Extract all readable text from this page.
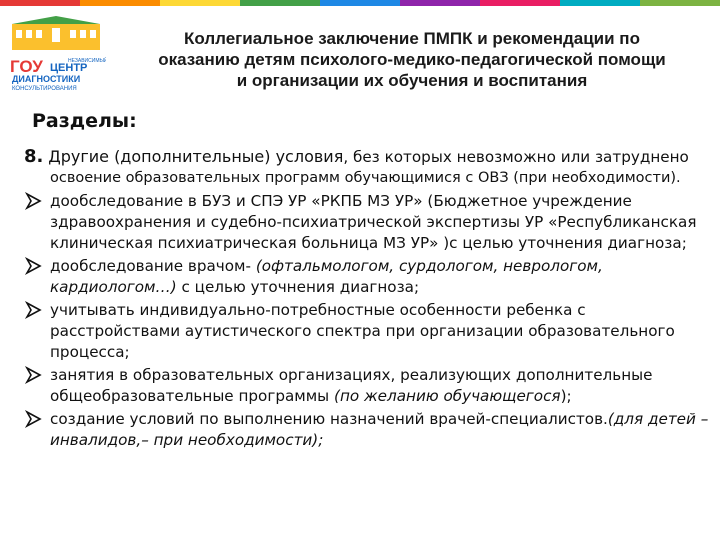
НЕЗАВИСИМЫЙ
ГОУ ЦЕНТР
ДИАГНОСТИКИ
КОНСУЛЬТИРОВАНИЯ
Коллегиальное заключение ПМПК и рекомендации по
оказанию детям психолого-медико-педагогической помощи
и организации их обучения и воспитания
Разделы:
8. Другие (дополнительные) условия, без которых невозможно или затруднено
освоение образовательных программ обучающимися с ОВЗ (при необходимости).
дообследование в БУЗ и СПЭ УР «РКПБ МЗ УР» (Бюджетное учреждение здравоохранения и судебно-психиатрической экспертизы УР «Республиканская клиническая психиатрическая больница МЗ УР» )с целью уточнения диагноза;
дообследование врачом- (офтальмологом, сурдологом, неврологом, кардиологом…) с целью уточнения диагноза;
учитывать индивидуально-потребностные особенности ребенка с расстройствами аутистического спектра при организации образовательного процесса;
занятия в образовательных организациях, реализующих дополнительные общеобразовательные программы (по желанию обучающегося);
создание условий по выполнению назначений врачей-специалистов.(для детей – инвалидов,– при необходимости);
